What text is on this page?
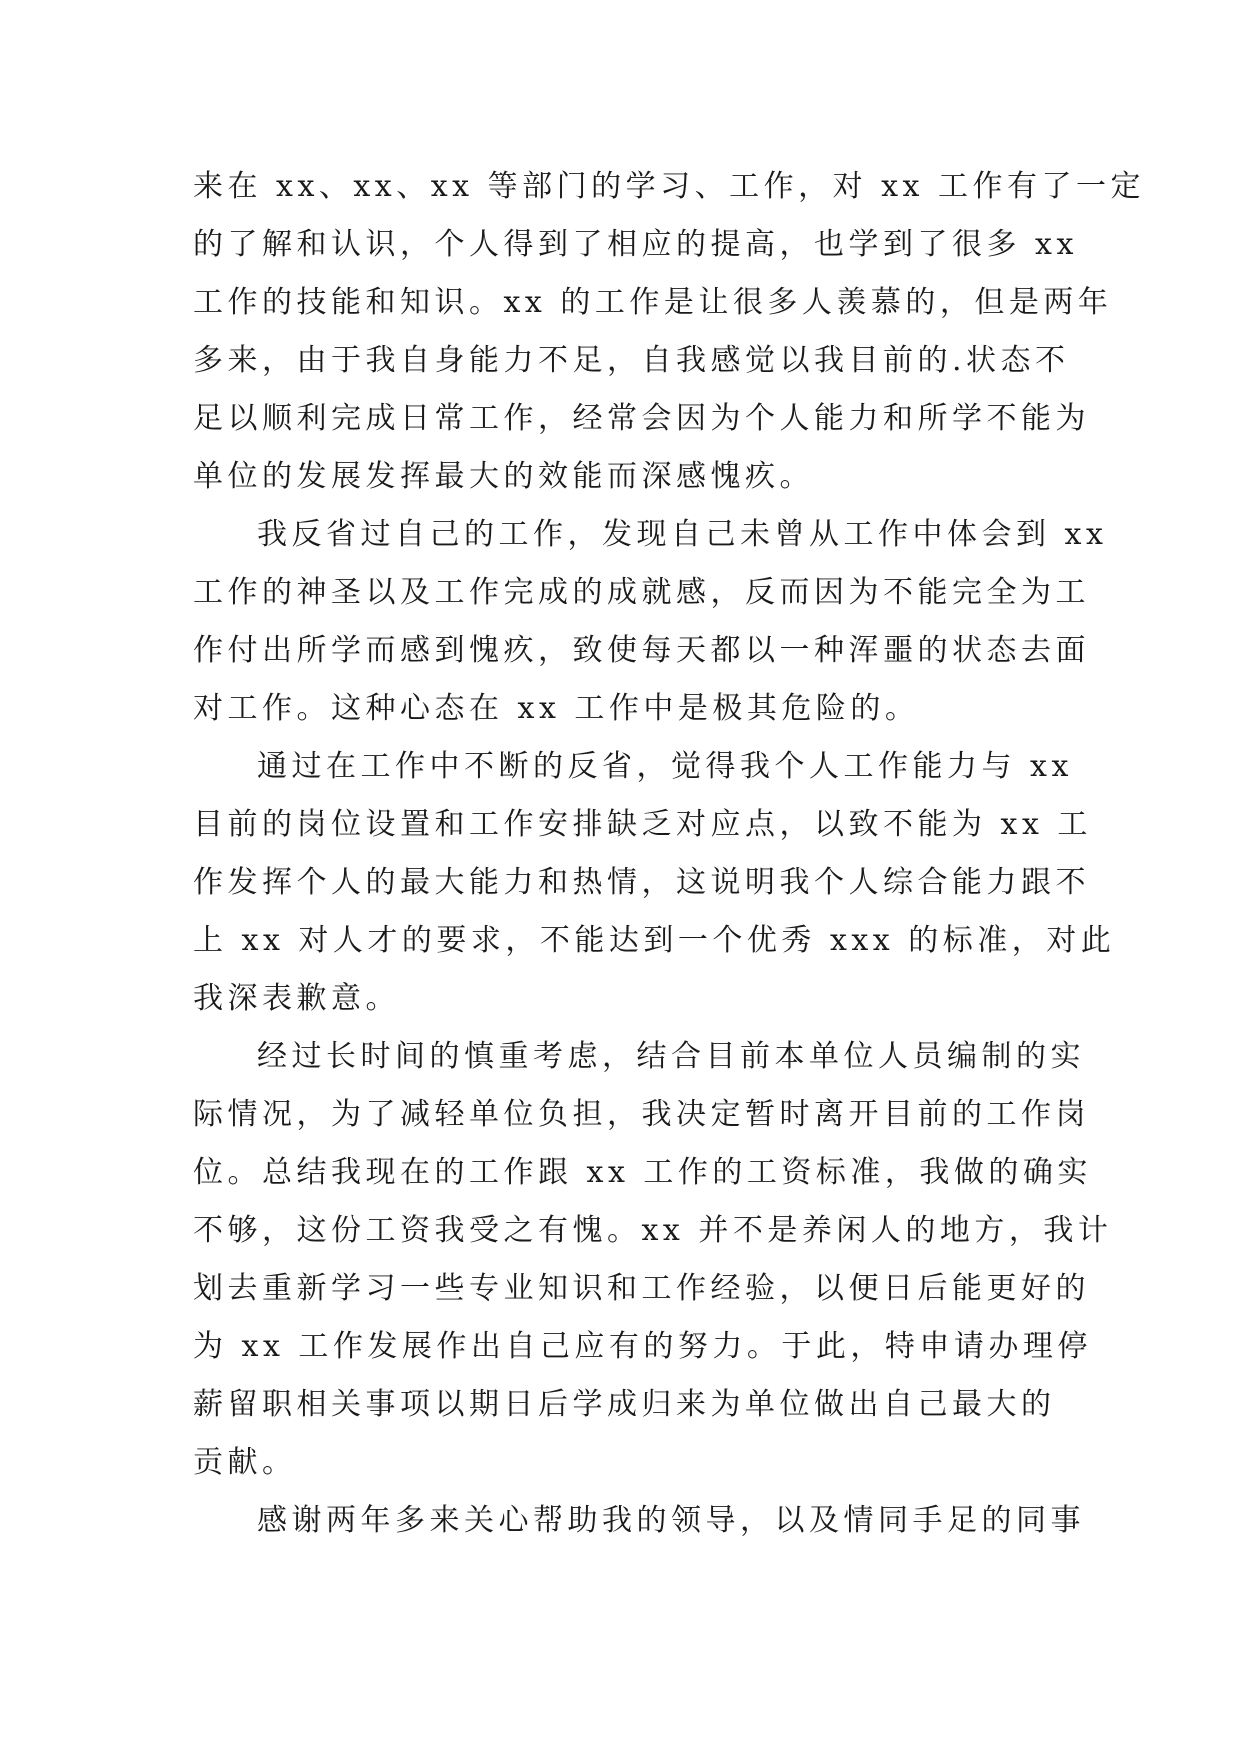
来在 xx、xx、xx 等部门的学习、工作，对 xx 工作有了一定
的了解和认识，个人得到了相应的提高，也学到了很多 xx
工作的技能和知识。xx 的工作是让很多人羡慕的，但是两年
多来，由于我自身能力不足，自我感觉以我目前的.状态不
足以顺利完成日常工作，经常会因为个人能力和所学不能为
单位的发展发挥最大的效能而深感愧疚。
我反省过自己的工作，发现自己未曾从工作中体会到 xx
工作的神圣以及工作完成的成就感，反而因为不能完全为工
作付出所学而感到愧疚，致使每天都以一种浑噩的状态去面
对工作。这种心态在 xx 工作中是极其危险的。
通过在工作中不断的反省，觉得我个人工作能力与 xx
目前的岗位设置和工作安排缺乏对应点，以致不能为 xx 工
作发挥个人的最大能力和热情，这说明我个人综合能力跟不
上 xx 对人才的要求，不能达到一个优秀 xxx 的标准，对此
我深表歉意。
经过长时间的慎重考虑，结合目前本单位人员编制的实
际情况，为了减轻单位负担，我决定暂时离开目前的工作岗
位。总结我现在的工作跟 xx 工作的工资标准，我做的确实
不够，这份工资我受之有愧。xx 并不是养闲人的地方，我计
划去重新学习一些专业知识和工作经验，以便日后能更好的
为 xx 工作发展作出自己应有的努力。于此，特申请办理停
薪留职相关事项以期日后学成归来为单位做出自己最大的
贡献。
感谢两年多来关心帮助我的领导，以及情同手足的同事
